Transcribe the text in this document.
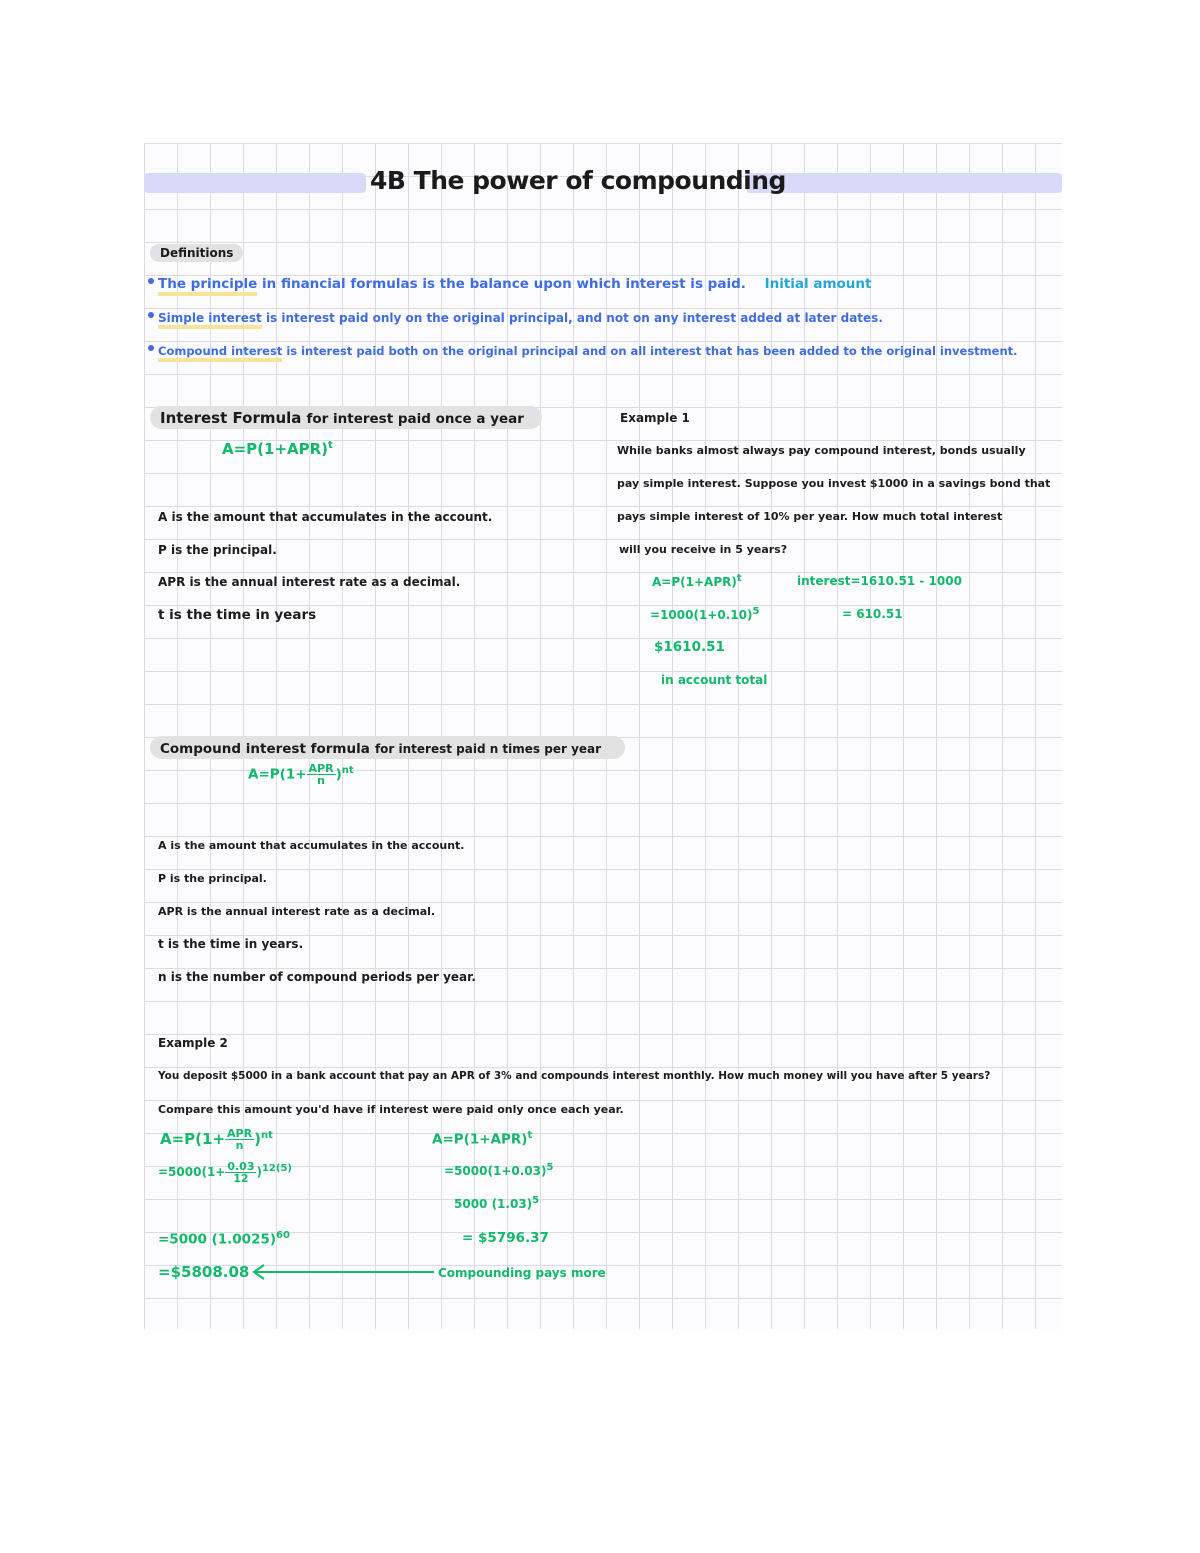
4B The power of compounding
Definitions
The principle in financial formulas is the balance upon which interest is paid. Initial amount
Simple interest is interest paid only on the original principal, and not on any interest added at later dates.
Compound interest is interest paid both on the original principal and on all interest that has been added to the original investment.
Interest Formula for interest paid once a year
$A=P(1+APR)^t$
A is the amount that accumulates in the account.
P is the principal.
APR is the annual interest rate as a decimal.
t is the time in years
Example 1
While banks almost always pay compound interest, bonds usually
pay simple interest. Suppose you invest $1000 in a savings bond that
pays simple interest of 10% per year. How much total interest
will you receive in 5 years?
$A=P(1+APR)^t$
$=1000(1+0.10)^5$
$1610.51
in account total
interest=1610.51 - 1000
= 610.51
Compound interest formula for interest paid n times per year
$A=P(1+ \frac{\text{APR}}{n} )^{nt}$
A is the amount that accumulates in the account.
P is the principal.
APR is the annual interest rate as a decimal.
t is the time in years.
n is the number of compound periods per year.
Example 2
You deposit $5000 in a bank account that pay an APR of 3% and compounds interest monthly. How much money will you have after 5 years?
Compare this amount you'd have if interest were paid only once each year.
$A=P(1+ \frac{\text{APR}}{n} )^{nt}$
$=5000(1+ \frac{0.03}{12} )^{12(5)}$
=5000 $(1.0025)^{60}$
=$5808.08	Compounding pays more
$A=P(1+APR)^t$
$=5000(1+0.03)^5$
5000 $(1.03)^5$
= $5796.37
